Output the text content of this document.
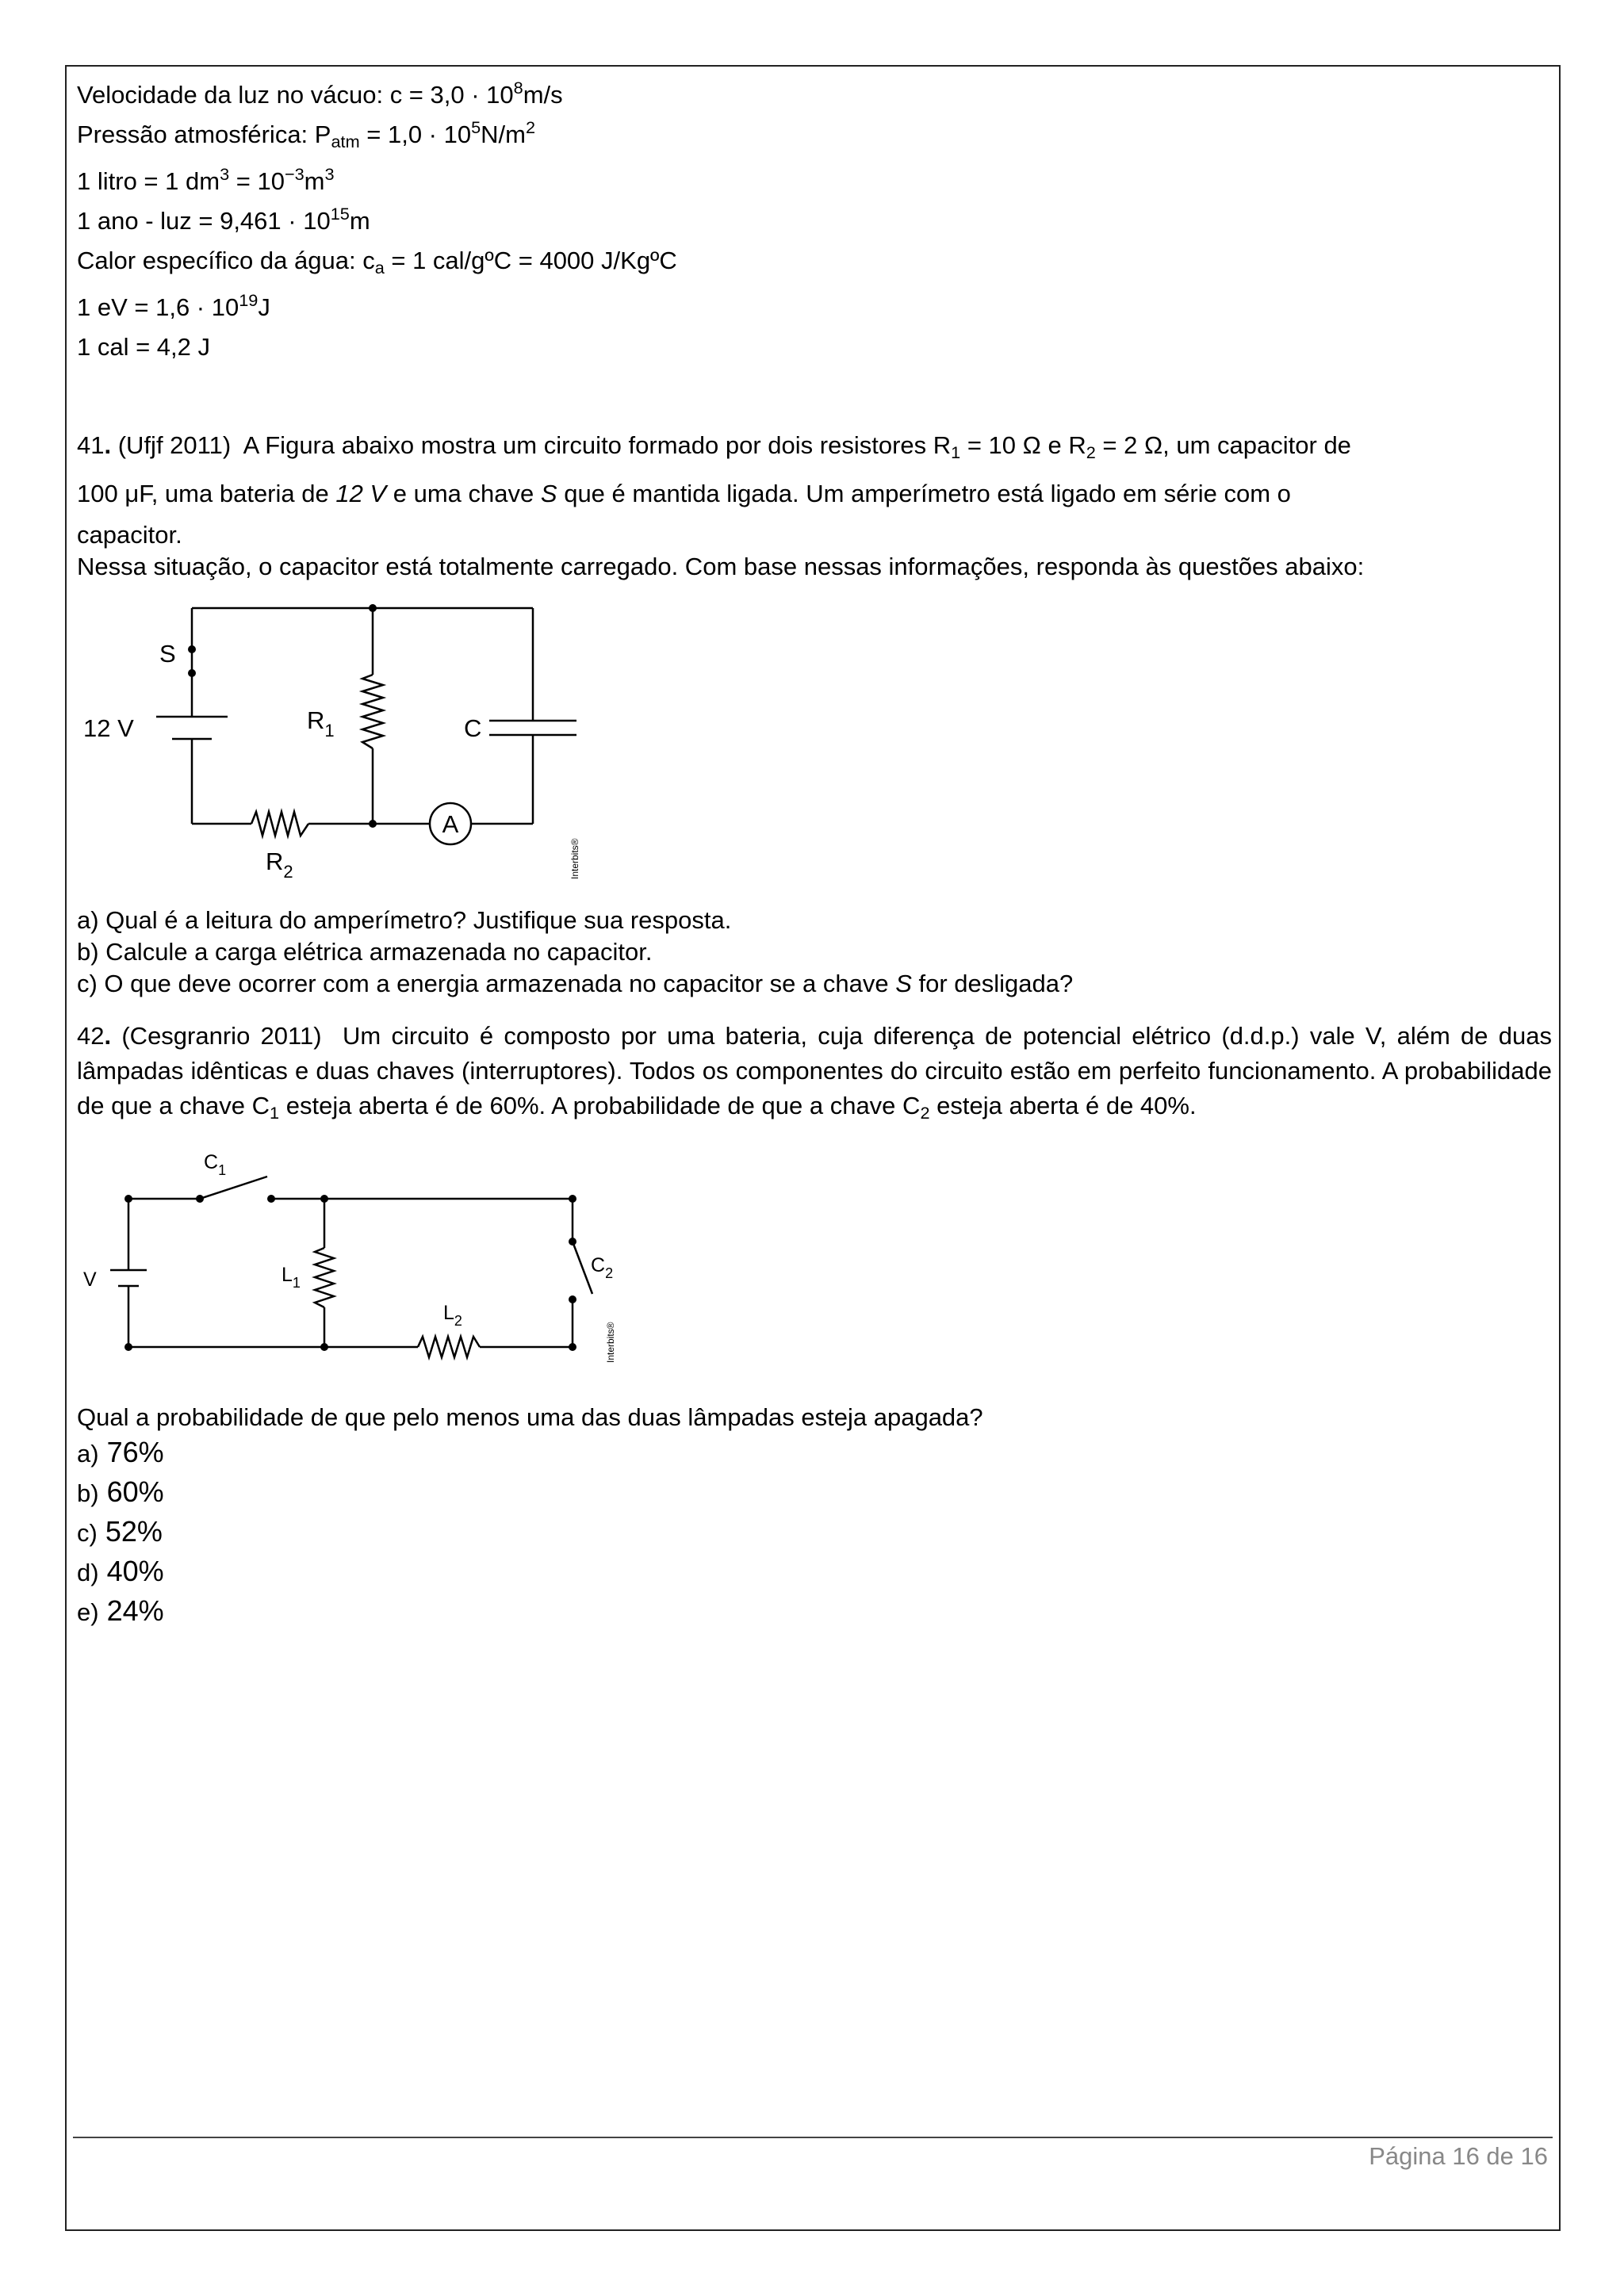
Velocidade da luz no vácuo: $c = 3,0 \cdot 10^8m/s$
Pressão atmosférica: $P_{atm} = 1,0 \cdot 10^5N/m^2$
1 litro = 1 $dm^3 = 10^{-3}m^3$
1 ano - luz = $9,461 \cdot 10^{15}m$
Calor específico da água: $c_a = 1$ cal/gºC = 4000 J/KgºC
1 eV = $1,6 \cdot 10^{19}J$
1 cal = 4,2 J
41. (Ufjf 2011) A Figura abaixo mostra um circuito formado por dois resistores $R_1 = 10$ Ω e $R_2 = 2$ Ω, um capacitor de
100 μF, uma bateria de 12 V e uma chave S que é mantida ligada. Um amperímetro está ligado em série com o
capacitor.
Nessa situação, o capacitor está totalmente carregado. Com base nessas informações, responda às questões abaixo:
A
S
12 V	$R_1$	C
$R_2$	Interbits®
a) Qual é a leitura do amperímetro? Justifique sua resposta.
b) Calcule a carga elétrica armazenada no capacitor.
c) O que deve ocorrer com a energia armazenada no capacitor se a chave S for desligada?
42. (Cesgranrio 2011) Um circuito é composto por uma bateria, cuja diferença de potencial elétrico (d.d.p.) vale V, além de duas lâmpadas idênticas e duas chaves (interruptores). Todos os componentes do circuito estão em perfeito funcionamento. A probabilidade de que a chave $C_1$ esteja aberta é de 60%. A probabilidade de que a chave $C_2$ esteja aberta é de 40%.
$C_1$
V	$L_1$
$C_2$
$L_2$
Interbits®
Qual a probabilidade de que pelo menos uma das duas lâmpadas esteja apagada?
a) 76%
b) 60%
c) 52%
d) 40%
e) 24%
Página 16 de 16
